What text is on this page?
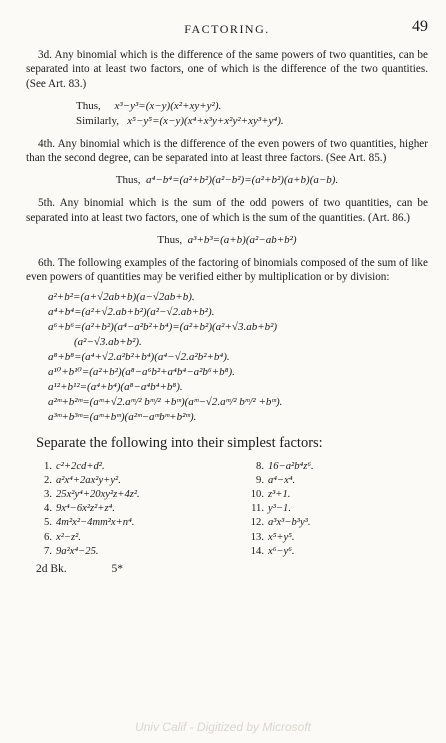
FACTORING.	49

3d. Any binomial which is the difference of the same powers of two quantities, can be separated into at least two factors, one of which is the difference of the two quantities. (See Art. 83.)

Thus, x³−y³=(x−y)(x²+xy+y²).
Similarly, x⁵−y⁵=(x−y)(x⁴+x³y+x²y²+xy³+y⁴).

4th. Any binomial which is the difference of the even powers of two quantities, higher than the second degree, can be separated into at least three factors. (See Art. 85.)

Thus, a⁴−b⁴=(a²+b²)(a²−b²)=(a²+b²)(a+b)(a−b).

5th. Any binomial which is the sum of the odd powers of two quantities, can be separated into at least two factors, one of which is the sum of the quantities. (Art. 86.)

Thus, a³+b³=(a+b)(a²−ab+b²)

6th. The following examples of the factoring of binomials composed of the sum of like even powers of quantities may be verified either by multiplication or by division:

a²+b²=(a+√2ab+b)(a−√2ab+b).
a⁴+b⁴=(a²+√2.ab+b²)(a²−√2.ab+b²).
a⁶+b⁶=(a²+b²)(a⁴−a²b²+b⁴)=(a²+b²)(a²+√3.ab+b²)
(a²−√3.ab+b²).
a⁸+b⁸=(a⁴+√2.a²b²+b⁴)(a⁴−√2.a²b²+b⁴).
a¹⁰+b¹⁰=(a²+b²)(a⁸−a⁶b²+a⁴b⁴−a²b⁶+b⁸).
a¹²+b¹²=(a⁴+b⁴)(a⁸−a⁴b⁴+b⁸).
a²ᵐ+b²ᵐ=(aᵐ+√2.aᵐ/² bᵐ/² +bᵐ)(aᵐ−√2.aᵐ/² bᵐ/² +bᵐ).
a³ᵐ+b³ᵐ=(aᵐ+bᵐ)(a²ᵐ−aᵐbᵐ+b²ᵐ).
Separate the following into their simplest factors:
1. c²+2cd+d².
2. a²x⁴+2ax²y+y².
3. 25x²y⁴+20xy²z+4z².
4. 9x⁴−6x²z²+z⁴.
5. 4m²x²−4mm²x+n⁴.
6. x²−z².
7. 9a²x⁴−25.
8. 16−a²b⁴z⁶.
9. a⁴−x⁴.
10. z³+1.
11. y³−1.
12. a³x³−b³y³.
13. x⁵+y⁵.
14. x⁶−y⁶.
2d Bk.	5*
Univ Calif - Digitized by Microsoft
